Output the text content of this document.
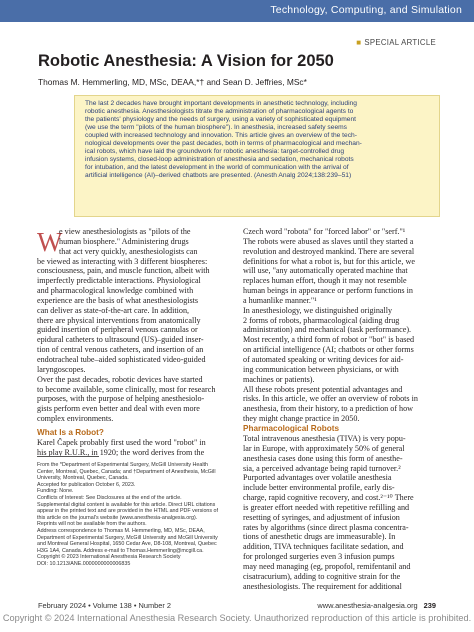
Technology, Computing, and Simulation
■ SPECIAL ARTICLE
Robotic Anesthesia: A Vision for 2050
Thomas M. Hemmerling, MD, MSc, DEAA,*† and Sean D. Jeffries, MSc*
The last 2 decades have brought important developments in anesthetic technology, including
robotic anesthesia. Anesthesiologists titrate the administration of pharmacological agents to
the patients' physiology and the needs of surgery, using a variety of sophisticated equipment
(we use the term "pilots of the human biosphere"). In anesthesia, increased safety seems
coupled with increased technology and innovation. This article gives an overview of the tech-
nological developments over the past decades, both in terms of pharmacological and mechan-
ical robots, which have laid the groundwork for robotic anesthesia: target-controlled drug
infusion systems, closed-loop administration of anesthesia and sedation, mechanical robots
for intubation, and the latest development in the world of communication with the arrival of
artificial intelligence (AI)–derived chatbots are presented. (Anesth Analg 2024;138:239–51)
W
e view anesthesiologists as "pilots of the
human biosphere." Administering drugs
that act very quickly, anesthesiologists can
be viewed as interacting with 3 different biospheres:
consciousness, pain, and muscle function, albeit with
imperfectly predictable interactions. Physiological
and pharmacological knowledge combined with
experience are the basis of what anesthesiologists
can deliver as state-of-the-art care. In addition,
there are physical interventions from anatomically
guided insertion of peripheral venous cannulas or
epidural catheters to ultrasound (US)–guided inser-
tion of central venous catheters, and insertion of an
endotracheal tube–aided sophisticated video-guided
laryngoscopes.
Over the past decades, robotic devices have started
to become available, some clinically, most for research
purposes, with the purpose of helping anesthesiolo-
gists perform even better and deal with even more
complex environments.
What Is a Robot?
Karel Čapek probably first used the word "robot" in
his play R.U.R., in 1920; the word derives from the
From the *Department of Experimental Surgery, McGill University Health
Center, Montreal, Quebec, Canada; and †Department of Anesthesia, McGill
University, Montreal, Quebec, Canada.
Accepted for publication October 6, 2023.
Funding: None.
Conflicts of Interest: See Disclosures at the end of the article.
Supplemental digital content is available for this article. Direct URL citations
appear in the printed text and are provided in the HTML and PDF versions of
this article on the journal's website (www.anesthesia-analgesia.org).
Reprints will not be available from the authors.
Address correspondence to Thomas M. Hemmerling, MD, MSc, DEAA,
Department of Experimental Surgery, McGill University and McGill University
and Montreal General Hospital, 1650 Cedar Ave, D8-108, Montreal, Quebec
H3G 1A4, Canada. Address e-mail to Thomas.Hemmerling@mcgill.ca.
Copyright © 2023 International Anesthesia Research Society
DOI: 10.1213/ANE.0000000000006835
Czech word "robota" for "forced labor" or "serf."¹
The robots were abused as slaves until they started a
revolution and destroyed mankind. There are several
definitions for what a robot is, but for this article, we
will use, "any automatically operated machine that
replaces human effort, though it may not resemble
human beings in appearance or perform functions in
a humanlike manner."¹
In anesthesiology, we distinguished originally
2 forms of robots, pharmacological (aiding drug
administration) and mechanical (task performance).
Most recently, a third form of robot or "bot" is based
on artificial intelligence (AI; chatbots or other forms
of automated speaking or writing devices for aid-
ing communication between physicians, or with
machines or patients).
All these robots present potential advantages and
risks. In this article, we offer an overview of robots in
anesthesia, from their history, to a prediction of how
they might change practice in 2050.
Pharmacological Robots
Total intravenous anesthesia (TIVA) is very popu-
lar in Europe, with approximately 50% of general
anesthesia cases done using this form of anesthe-
sia, a perceived advantage being rapid turnover.²
Purported advantages over volatile anesthesia
include better environmental profile, early dis-
charge, rapid cognitive recovery, and cost.²⁻¹⁰ There
is greater effort needed with repetitive refilling and
resetting of syringes, and adjustment of infusion
rates by algorithms (since direct plasma concentra-
tions of anesthetic drugs are immeasurable). In
addition, TIVA techniques facilitate sedation, and
for prolonged surgeries even 3 infusion pumps
may need managing (eg, propofol, remifentanil and
cisatracurium), adding to cognitive strain for the
anesthesiologists. The requirement for additional
February 2024 • Volume 138 • Number 2	www.anesthesia-analgesia.org 239
Copyright © 2024 International Anesthesia Research Society. Unauthorized reproduction of this article is prohibited.
